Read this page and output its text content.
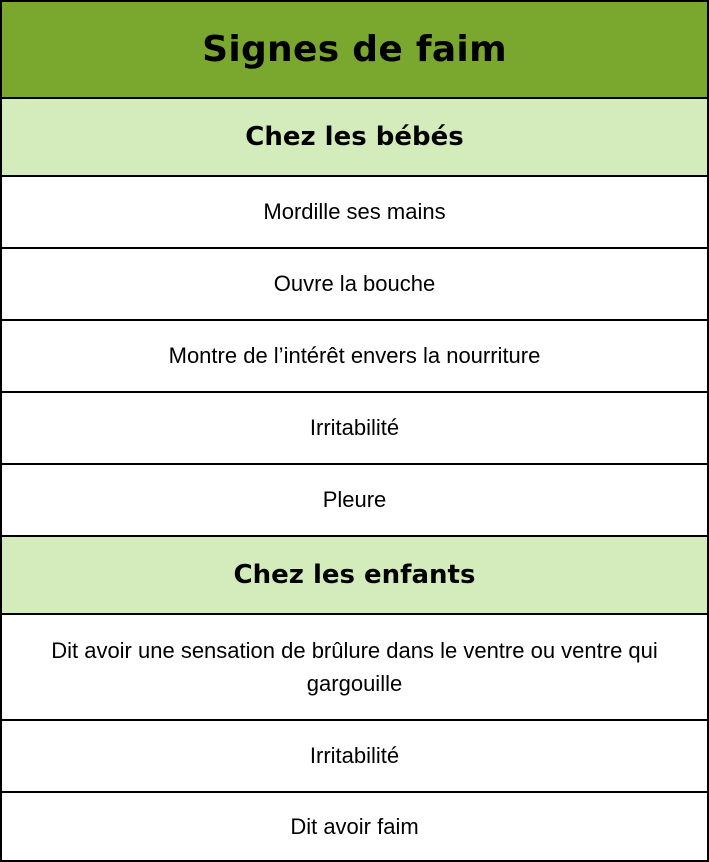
Signes de faim
Chez les bébés
Mordille ses mains
Ouvre la bouche
Montre de l’intérêt envers la nourriture
Irritabilité
Pleure
Chez les enfants
Dit avoir une sensation de brûlure dans le ventre ou ventre qui gargouille
Irritabilité
Dit avoir faim
